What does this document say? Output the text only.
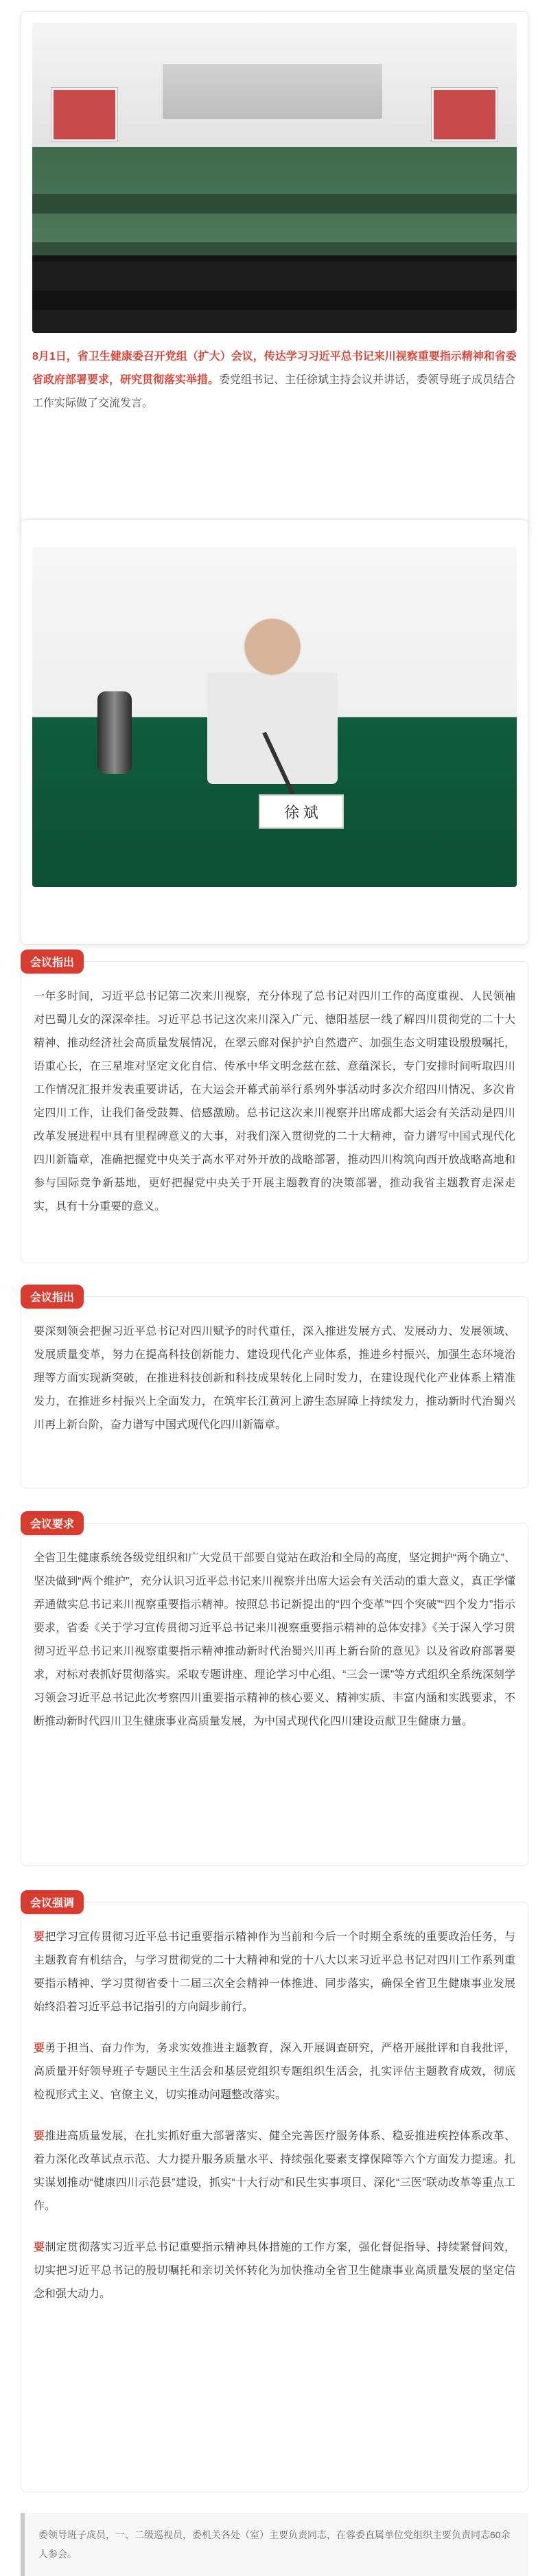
8月1日，省卫生健康委召开党组（扩大）会议，传达学习习近平总书记来川视察重要指示精神和省委省政府部署要求，研究贯彻落实举措。委党组书记、主任徐斌主持会议并讲话，委领导班子成员结合工作实际做了交流发言。
徐 斌
会议指出
一年多时间，习近平总书记第二次来川视察，充分体现了总书记对四川工作的高度重视、人民领袖对巴蜀儿女的深深牵挂。习近平总书记这次来川深入广元、德阳基层一线了解四川贯彻党的二十大精神、推动经济社会高质量发展情况，在翠云廊对保护护自然遗产、加强生态文明建设殷殷嘱托，语重心长，在三星堆对坚定文化自信、传承中华文明念兹在兹、意蕴深长，专门安排时间听取四川工作情况汇报并发表重要讲话，在大运会开幕式前举行系列外事活动时多次介绍四川情况、多次肯定四川工作，让我们备受鼓舞、倍感激励。总书记这次来川视察并出席成都大运会有关活动是四川改革发展进程中具有里程碑意义的大事，对我们深入贯彻党的二十大精神，奋力谱写中国式现代化四川新篇章，准确把握党中央关于高水平对外开放的战略部署，推动四川构筑向西开放战略高地和参与国际竞争新基地，更好把握党中央关于开展主题教育的决策部署，推动我省主题教育走深走实，具有十分重要的意义。
会议指出
要深刻领会把握习近平总书记对四川赋予的时代重任，深入推进发展方式、发展动力、发展领域、发展质量变革，努力在提高科技创新能力、建设现代化产业体系，推进乡村振兴、加强生态环境治理等方面实现新突破，在推进科技创新和科技成果转化上同时发力，在建设现代化产业体系上精准发力，在推进乡村振兴上全面发力，在筑牢长江黄河上游生态屏障上持续发力，推动新时代治蜀兴川再上新台阶，奋力谱写中国式现代化四川新篇章。
会议要求
全省卫生健康系统各级党组织和广大党员干部要自觉站在政治和全局的高度，坚定拥护“两个确立”、坚决做到“两个维护”，充分认识习近平总书记来川视察并出席大运会有关活动的重大意义，真正学懂弄通做实总书记来川视察重要指示精神。按照总书记新提出的“四个变革”“四个突破”“四个发力”指示要求，省委《关于学习宣传贯彻习近平总书记来川视察重要指示精神的总体安排》《关于深入学习贯彻习近平总书记来川视察重要指示精神推动新时代治蜀兴川再上新台阶的意见》以及省政府部署要求，对标对表抓好贯彻落实。采取专题讲座、理论学习中心组、“三会一课”等方式组织全系统深刻学习领会习近平总书记此次考察四川重要指示精神的核心要义、精神实质、丰富内涵和实践要求，不断推动新时代四川卫生健康事业高质量发展，为中国式现代化四川建设贡献卫生健康力量。
会议强调

要把学习宣传贯彻习近平总书记重要指示精神作为当前和今后一个时期全系统的重要政治任务，与主题教育有机结合，与学习贯彻党的二十大精神和党的十八大以来习近平总书记对四川工作系列重要指示精神、学习贯彻省委十二届三次全会精神一体推进、同步落实，确保全省卫生健康事业发展始终沿着习近平总书记指引的方向阔步前行。

要勇于担当、奋力作为，务求实效推进主题教育，深入开展调查研究，严格开展批评和自我批评，高质量开好领导班子专题民主生活会和基层党组织专题组织生活会，扎实评估主题教育成效，彻底检视形式主义、官僚主义，切实推动问题整改落实。

要推进高质量发展，在扎实抓好重大部署落实、健全完善医疗服务体系、稳妥推进疾控体系改革、着力深化改革试点示范、大力提升服务质量水平、持续强化要素支撑保障等六个方面发力提速。扎实谋划推动“健康四川示范县”建设，抓实“十大行动”和民生实事项目、深化“三医”联动改革等重点工作。

要制定贯彻落实习近平总书记重要指示精神具体措施的工作方案，强化督促指导、持续紧督问效，切实把习近平总书记的殷切嘱托和亲切关怀转化为加快推动全省卫生健康事业高质量发展的坚定信念和强大动力。

委领导班子成员，一、二级巡视员，委机关各处（室）主要负责同志，在蓉委直属单位党组织主要负责同志60余人参会。
